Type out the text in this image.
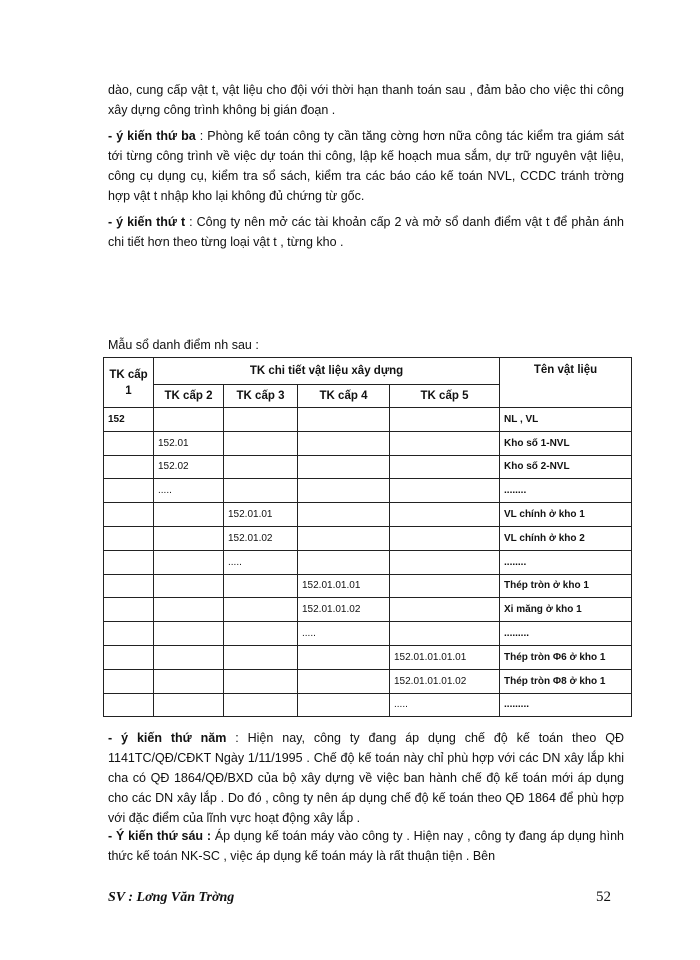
dào, cung cấp vật t, vật liệu cho đội với thời hạn thanh toán sau , đảm bảo cho việc thi công xây dựng công trình không bị gián đoạn .

- ý kiến thứ ba : Phòng kế toán công ty cần tăng cờng hơn nữa công tác kiểm tra giám sát tới từng công trình về việc dự toán thi công, lập kế hoạch mua sắm, dự trữ nguyên vật liệu, công cụ dụng cụ, kiểm tra sổ sách, kiểm tra các báo cáo kế toán NVL, CCDC tránh trờng hợp vật t nhập kho lại không đủ chứng từ gốc.

- ý kiến thứ t : Công ty nên mở các tài khoản cấp 2 và mở sổ danh điểm vật t để phản ánh chi tiết hơn theo từng loại vật t , từng kho .

Mẫu sổ danh điểm nh sau :
TK cấp 1	TK chi tiết vật liệu xây dựng				Tên vật liệu
	TK cấp 2	TK cấp 3	TK cấp 4	TK cấp 5	
152					NL , VL
	152.01				Kho số 1-NVL
	152.02				Kho số 2-NVL
	.....				........
		152.01.01			VL chính ở kho 1
		152.01.02			VL chính ở kho 2
		.....			........
			152.01.01.01		Thép tròn ở kho 1
			152.01.01.02		Xi măng ở kho 1
			.....		.........
				152.01.01.01.01	Thép tròn Φ6 ở kho 1
				152.01.01.01.02	Thép tròn Φ8 ở kho 1
				.....	.........

- ý kiến thứ năm : Hiện nay, công ty đang áp dụng chế độ kế toán theo QĐ 1141TC/QĐ/CĐKT Ngày 1/11/1995 . Chế độ kế toán này chỉ phù hợp với các DN xây lắp khi cha có QĐ 1864/QĐ/BXD của bộ xây dựng về việc ban hành chế độ kế toán mới áp dụng cho các DN xây lắp . Do đó , công ty nên áp dụng chế độ kế toán theo QĐ 1864 để phù hợp với đặc điểm của lĩnh vực hoạt động xây lắp .

- Ý kiến thứ sáu : Áp dụng kế toán máy vào công ty . Hiện nay , công ty đang áp dụng hình thức kế toán NK-SC , việc áp dụng kế toán máy là rất thuận tiện . Bên

SV : Lơng Văn Trờng	52
